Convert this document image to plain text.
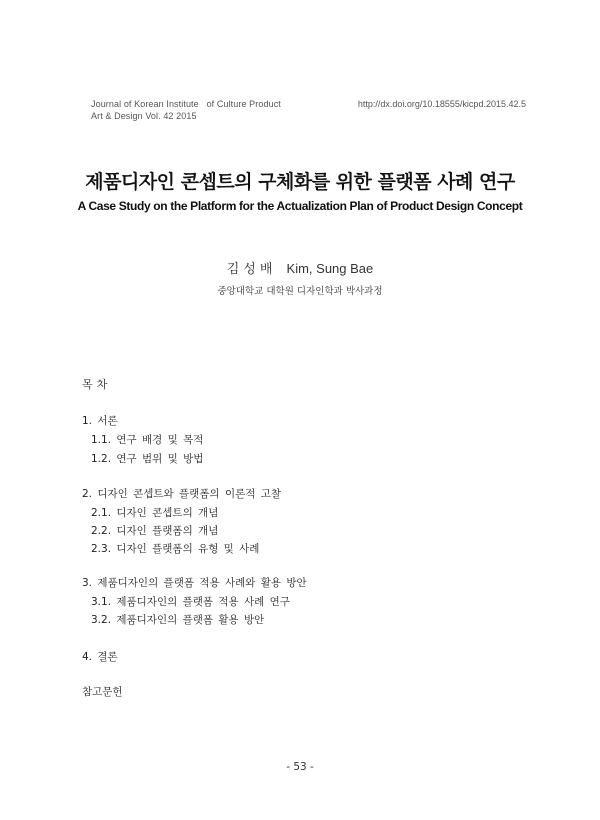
Journal of Korean Institute   of Culture Product
Art & Design Vol. 42 2015
http://dx.doi.org/10.18555/kicpd.2015.42.5
제품디자인 콘셉트의 구체화를 위한 플랫폼 사례 연구
A Case Study on the Platform for the Actualization Plan of Product Design Concept
김성배 Kim, Sung Bae
중앙대학교 대학원 디자인학과 박사과정
목차
1. 서론
1.1. 연구 배경 및 목적
1.2. 연구 범위 및 방법
2. 디자인 콘셉트와 플랫폼의 이론적 고찰
2.1. 디자인 콘셉트의 개념
2.2. 디자인 플랫폼의 개념
2.3. 디자인 플랫폼의 유형 및 사례
3. 제품디자인의 플랫폼 적용 사례와 활용 방안
3.1. 제품디자인의 플랫폼 적용 사례 연구
3.2. 제품디자인의 플랫폼 활용 방안
4. 결론
참고문헌
- 53 -
